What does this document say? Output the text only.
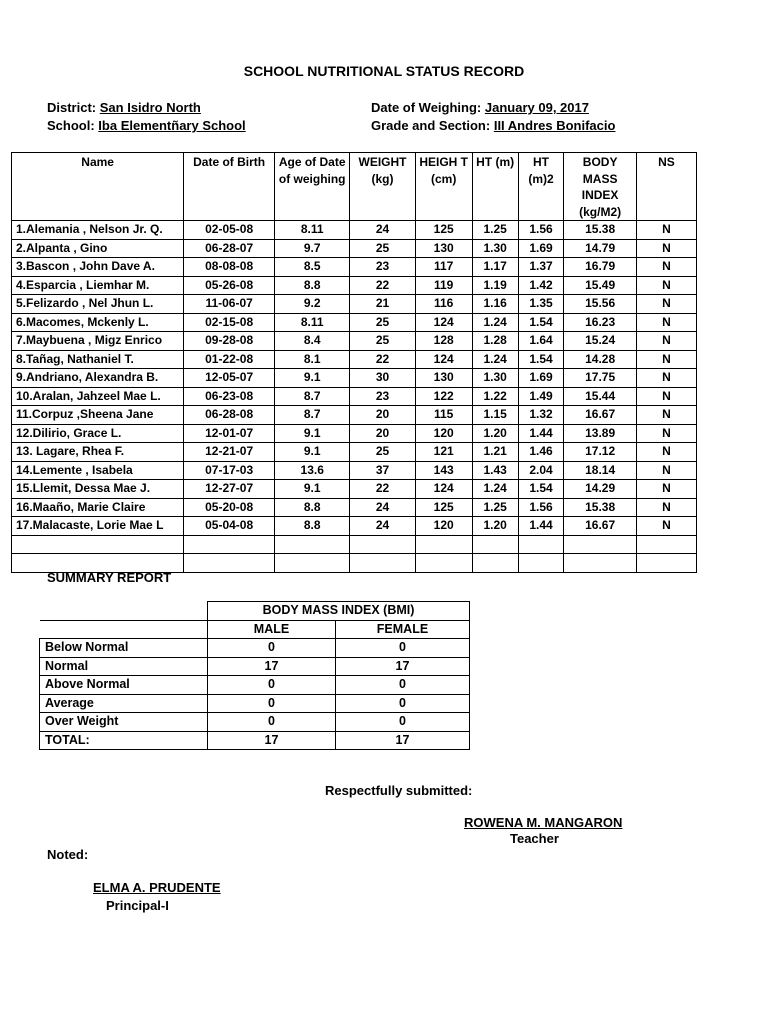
SCHOOL NUTRITIONAL STATUS RECORD
District: San Isidro North
School: Iba Elementñary School
Date of Weighing: January 09, 2017
Grade and Section: III Andres Bonifacio
Name	Date of Birth	Age of Date of weighing	WEIGHT (kg)	HEIGH T (cm)	HT (m)	HT (m)2	BODY MASS INDEX (kg/M2)	NS
1.Alemania , Nelson Jr. Q.	02-05-08	8.11	24	125	1.25	1.56	15.38	N
2.Alpanta , Gino	06-28-07	9.7	25	130	1.30	1.69	14.79	N
3.Bascon , John Dave A.	08-08-08	8.5	23	117	1.17	1.37	16.79	N
4.Esparcia , Liemhar M.	05-26-08	8.8	22	119	1.19	1.42	15.49	N
5.Felizardo , Nel Jhun L.	11-06-07	9.2	21	116	1.16	1.35	15.56	N
6.Macomes, Mckenly L.	02-15-08	8.11	25	124	1.24	1.54	16.23	N
7.Maybuena , Migz Enrico	09-28-08	8.4	25	128	1.28	1.64	15.24	N
8.Tañag, Nathaniel T.	01-22-08	8.1	22	124	1.24	1.54	14.28	N
9.Andriano, Alexandra B.	12-05-07	9.1	30	130	1.30	1.69	17.75	N
10.Aralan, Jahzeel Mae L.	06-23-08	8.7	23	122	1.22	1.49	15.44	N
11.Corpuz ,Sheena Jane	06-28-08	8.7	20	115	1.15	1.32	16.67	N
12.Dilirio, Grace L.	12-01-07	9.1	20	120	1.20	1.44	13.89	N
13. Lagare, Rhea F.	12-21-07	9.1	25	121	1.21	1.46	17.12	N
14.Lemente , Isabela	07-17-03	13.6	37	143	1.43	2.04	18.14	N
15.Llemit, Dessa Mae J.	12-27-07	9.1	22	124	1.24	1.54	14.29	N
16.Maaño, Marie Claire	05-20-08	8.8	24	125	1.25	1.56	15.38	N
17.Malacaste, Lorie Mae L	05-04-08	8.8	24	120	1.20	1.44	16.67	N

SUMMARY REPORT
	BODY MASS INDEX (BMI)	
	MALE	FEMALE
Below Normal	0	0
Normal	17	17
Above Normal	0	0
Average	0	0
Over Weight	0	0
TOTAL:	17	17
Respectfully submitted:
ROWENA M. MANGARON
Teacher
Noted:
ELMA A. PRUDENTE
Principal-I
